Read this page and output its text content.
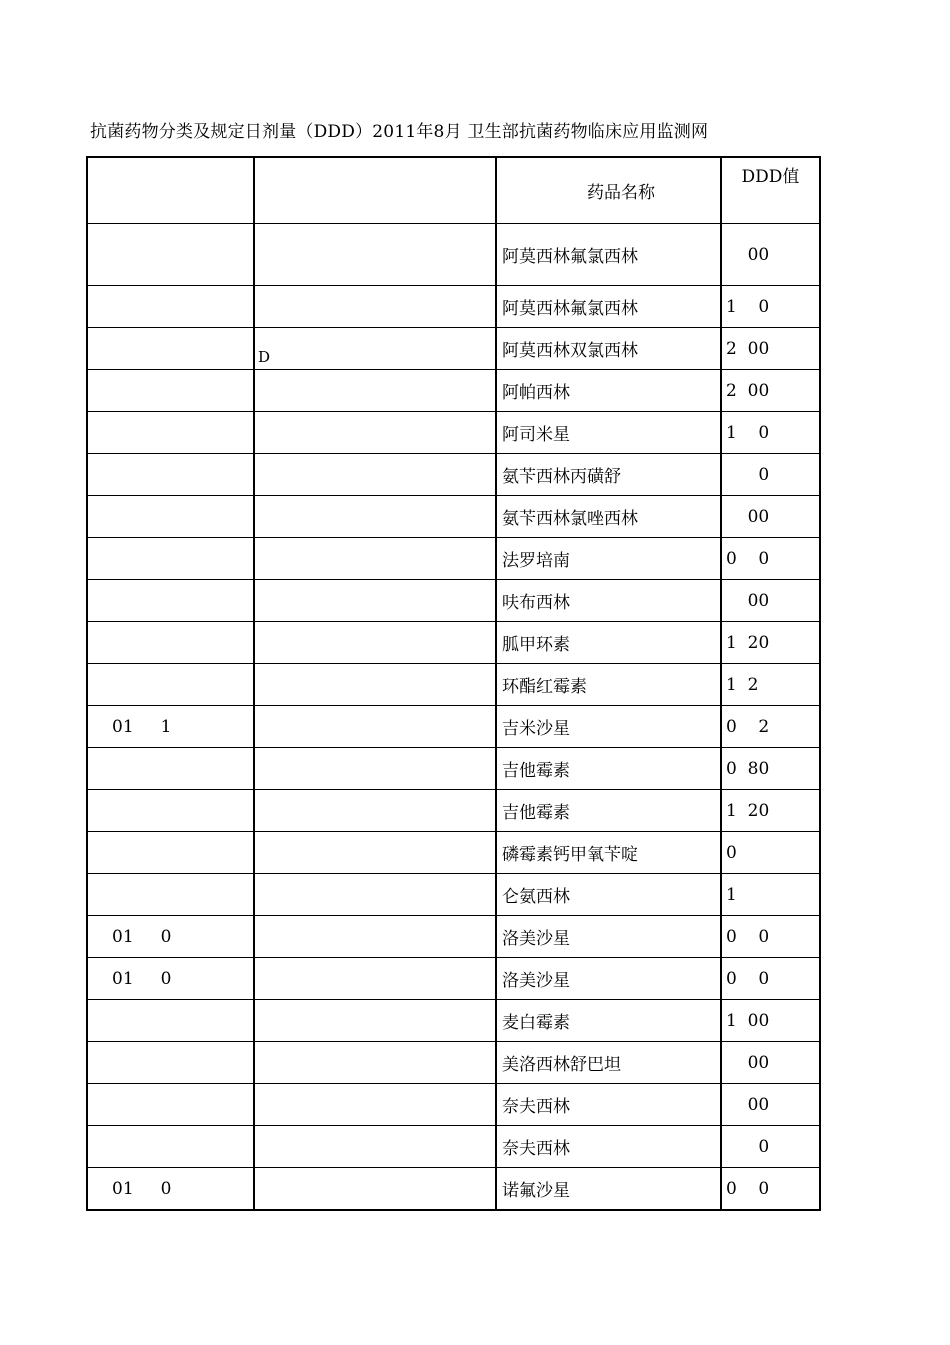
抗菌药物分类及规定日剂量（DDD）2011年8月 卫生部抗菌药物临床应用监测网
D
		药品名称	DDD值
		阿莫西林氟氯西林	00
		阿莫西林氟氯西林	1    0
		阿莫西林双氯西林	2  00
		阿帕西林	2  00
		阿司米星	1    0
		氨苄西林丙磺舒	0
		氨苄西林氯唑西林	00
		法罗培南	0    0
		呋布西林	00
		胍甲环素	1  20
		环酯红霉素	1  2
01     1		吉米沙星	0    2
		吉他霉素	0  80
		吉他霉素	1  20
		磷霉素钙甲氧苄啶	0
		仑氨西林	1
01     0		洛美沙星	0    0
01     0		洛美沙星	0    0
		麦白霉素	1  00
		美洛西林舒巴坦	00
		奈夫西林	00
		奈夫西林	0
01     0		诺氟沙星	0    0
